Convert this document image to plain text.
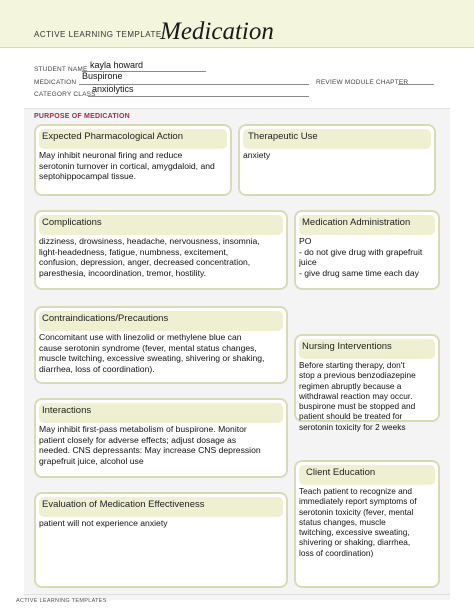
ACTIVE LEARNING TEMPLATE:
Medication
STUDENT NAME kayla howard
MEDICATION
Buspirone
REVIEW MODULE CHAPTER
CATEGORY CLASS
anxiolytics
PURPOSE OF MEDICATION
Expected Pharmacological Action
May inhibit neuronal firing and reduce
serotonin turnover in cortical, amygdaloid, and
septohippocampal tissue.
Therapeutic Use
anxiety
Complications
dizziness, drowsiness, headache, nervousness, insomnia,
light-headedness, fatigue, numbness, excitement,
confusion, depression, anger, decreased concentration,
paresthesia, incoordination, tremor, hostility.
Medication Administration
PO
- do not give drug with grapefruit
juice
- give drug same time each day
Contraindications/Precautions
Concomitant use with linezolid or methylene blue can
cause serotonin syndrome (fever, mental status changes,
muscle twitching, excessive sweating, shivering or shaking,
diarrhea, loss of coordination).
Nursing Interventions
Before starting therapy, don't
stop a previous benzodiazepine
regimen abruptly because a
withdrawal reaction may occur.
buspirone must be stopped and
patient should be treated for
serotonin toxicity for 2 weeks
Interactions
May inhibit first-pass metabolism of buspirone. Monitor
patient closely for adverse effects; adjust dosage as
needed. CNS depressants: May increase CNS depression
grapefruit juice, alcohol use
Client Education
Teach patient to recognize and
immediately report symptoms of
serotonin toxicity (fever, mental
status changes, muscle
twitching, excessive sweating,
shivering or shaking, diarrhea,
loss of coordination)
Evaluation of Medication Effectiveness
patient will not experience anxiety
ACTIVE LEARNING TEMPLATES
